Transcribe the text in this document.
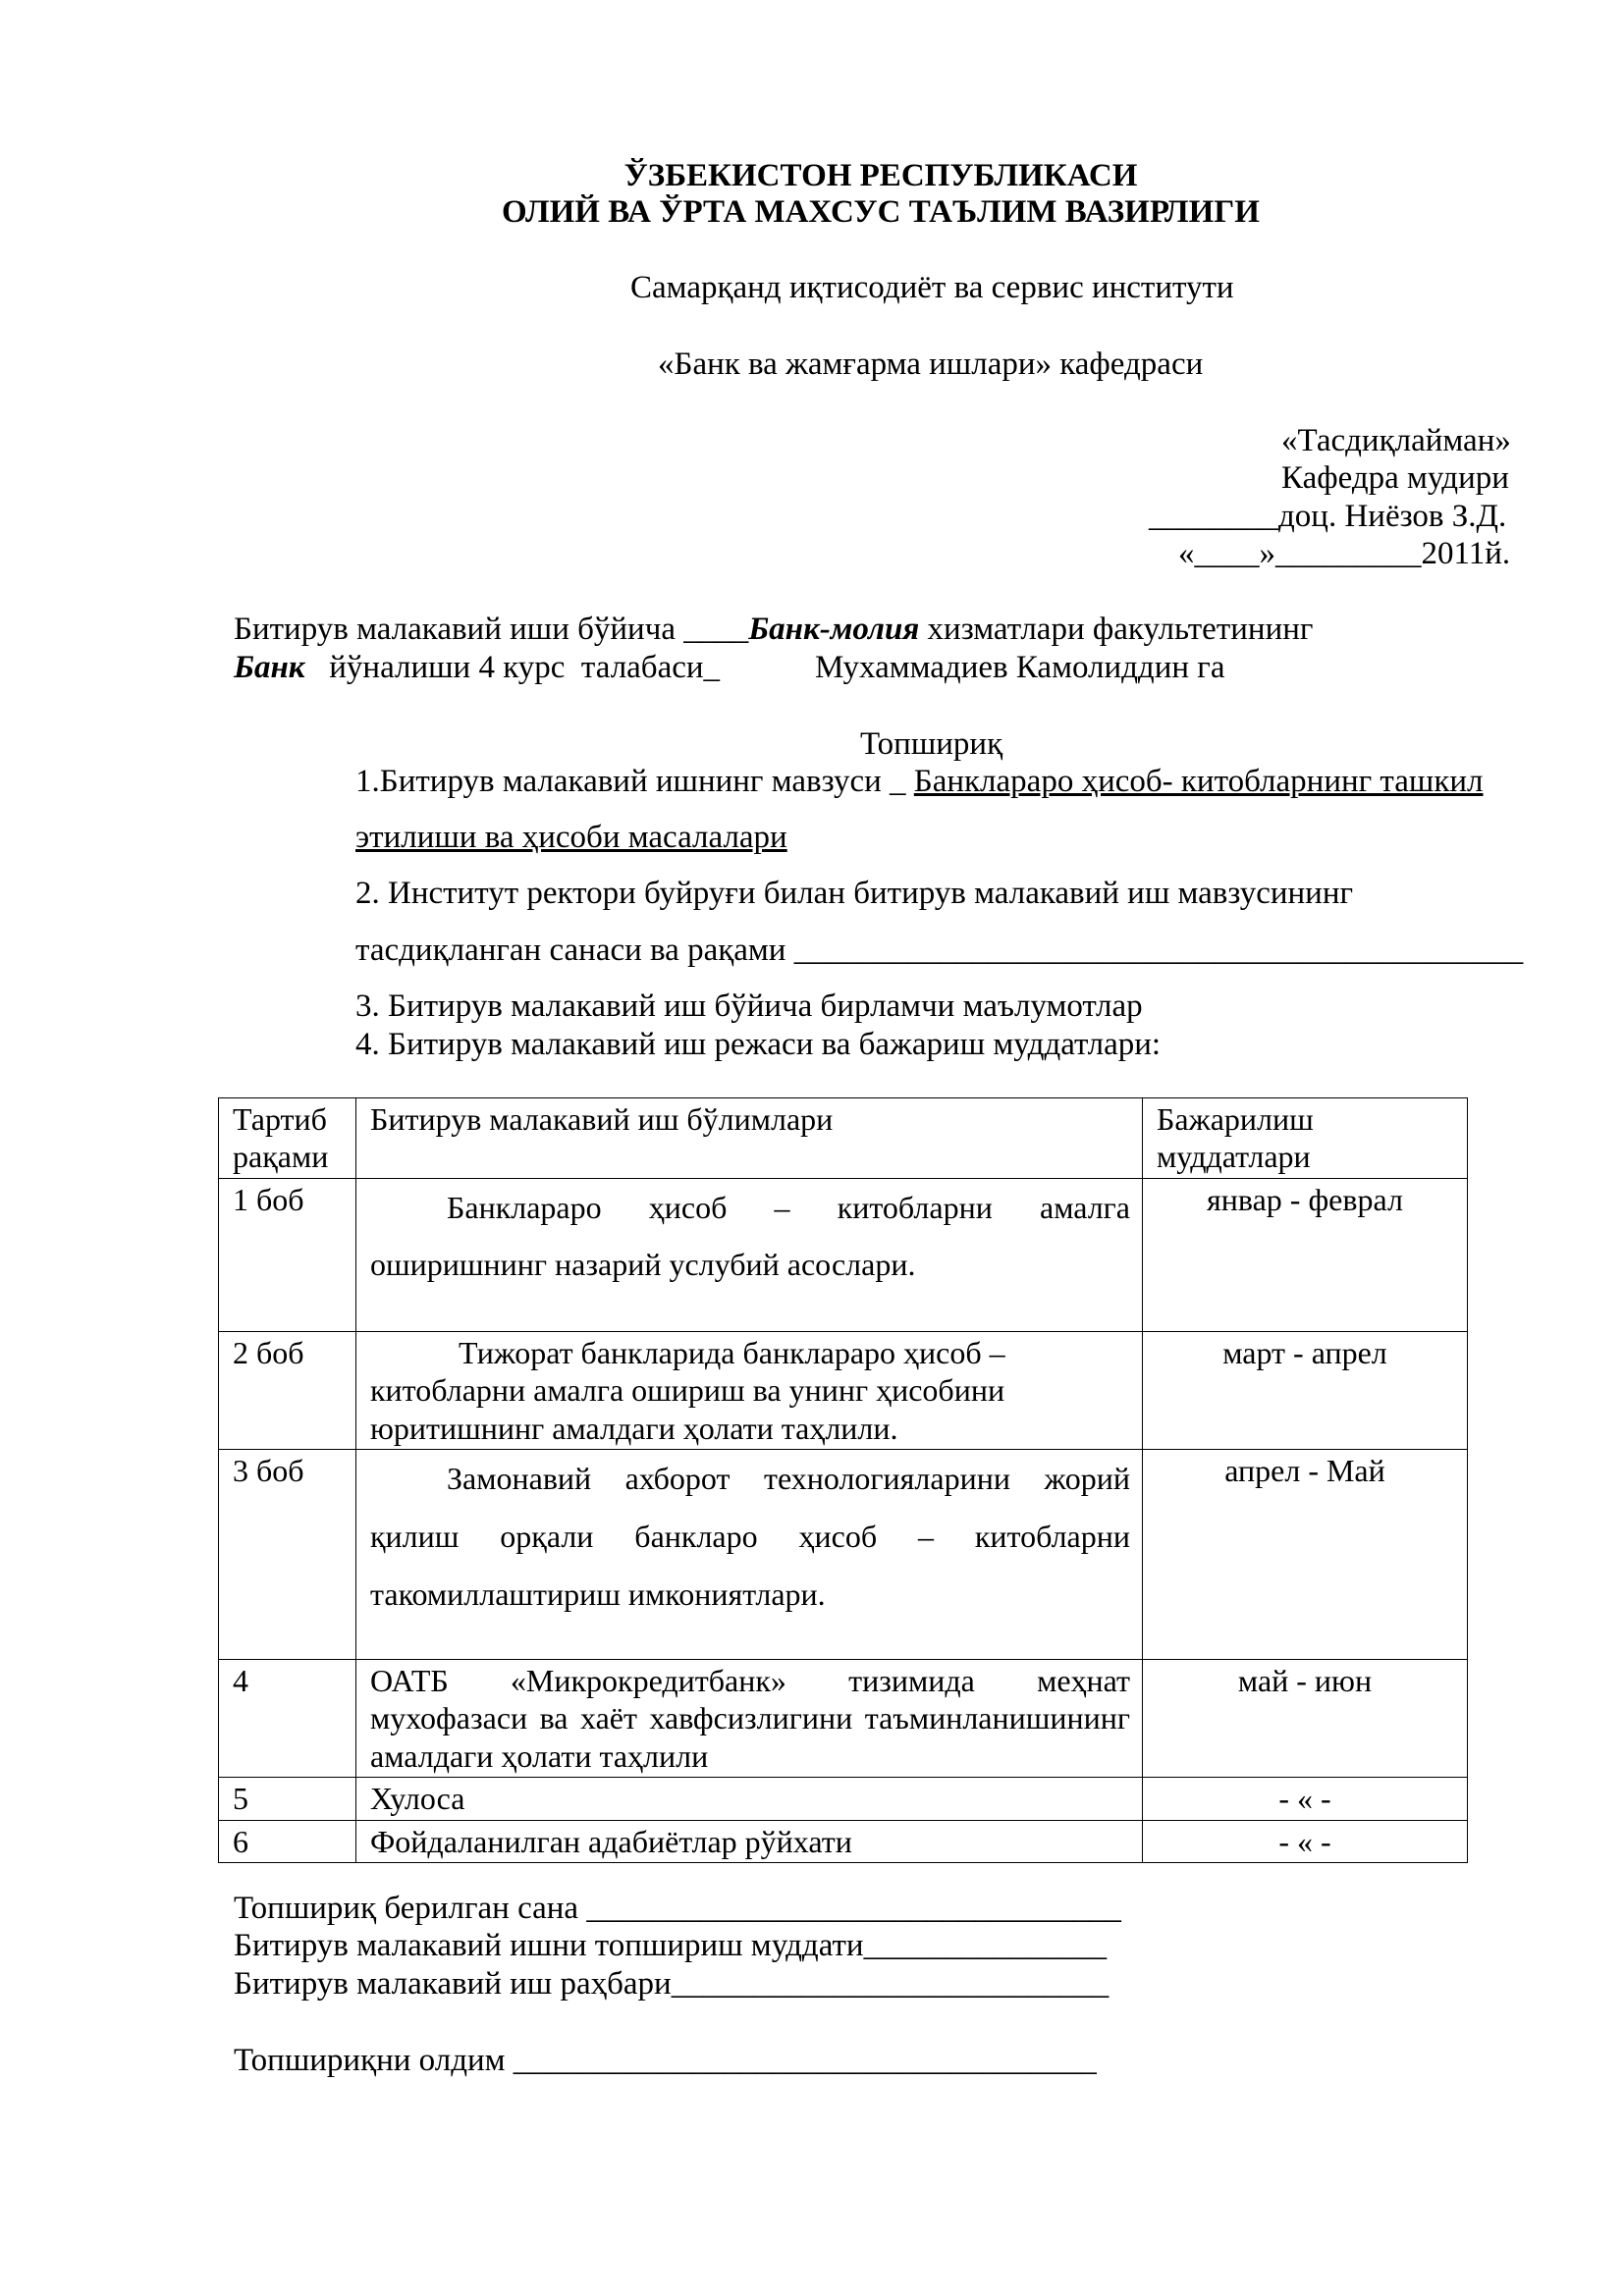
ЎЗБЕКИСТОН РЕСПУБЛИКАСИ
ОЛИЙ ВА ЎРТА МАХСУС ТАЪЛИМ ВАЗИРЛИГИ
Самарқанд иқтисодиёт ва сервис институти
«Банк ва жамғарма ишлари» кафедраси
«Тасдиқлайман»
Кафедра мудири
________доц. Ниёзов З.Д.
«____»_________2011й.
Битирув малакавий иши бўйича ____Банк-молия хизматлари факультетининг
Банк   йўналиши 4 курс  талабаси_	Мухаммадиев Камолиддин га
Топшириқ
1.Битирув малакавий ишнинг мавзуси _ Банклараро ҳисоб- китобларнинг ташкил
этилиши ва ҳисоби масалалари
2. Институт ректори буйруғи билан битирув малакавий иш мавзусининг
тасдиқланган санаси ва рақами _____________________________________________
3. Битирув малакавий иш бўйича бирламчи маълумотлар
4. Битирув малакавий иш режаси ва бажариш муддатлари:
Тартиб рақами	Битирув малакавий иш бўлимлари	Бажарилиш муддатлари
1 боб	Банклараро ҳисоб – китобларни амалга оширишнинг назарий услубий асослари.	январ - феврал
2 боб	Тижорат банкларида банклараро ҳисоб – китобларни амалга ошириш ва унинг ҳисобини юритишнинг амалдаги ҳолати таҳлили.	март - апрел
3 боб	Замонавий ахборот технологияларини жорий қилиш орқали банкларо ҳисоб – китобларни такомиллаштириш имкониятлари.	апрел - Май
4	ОАТБ «Микрокредитбанк» тизимида меҳнат мухофазаси ва хаёт хавфсизлигини таъминланишининг амалдаги ҳолати таҳлили	май - июн
5	Хулоса	- « -
6	Фойдаланилган адабиётлар рўйхати	- « -
Топшириқ берилган сана _________________________________
Битирув малакавий ишни топшириш муддати_______________
Битирув малакавий иш раҳбари___________________________
Топшириқни олдим ____________________________________
